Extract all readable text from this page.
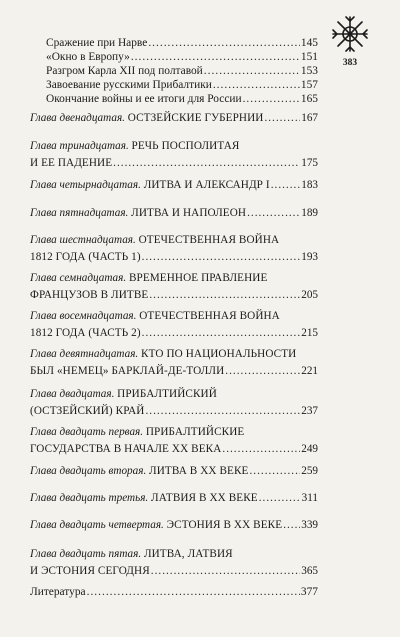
383
Сражение при Нарве .....	145
«Окно в Европу» .....	151
Разгром Карла XII под полтавой .....	153
Завоевание русскими Прибалтики .....	157
Окончание войны и ее итоги для России .....	165
Глава двенадцатая. ОСТЗЕЙСКИЕ ГУБЕРНИИ .....	167
Глава тринадцатая. РЕЧЬ ПОСПОЛИТАЯ
И ЕЕ ПАДЕНИЕ .....	175
Глава четырнадцатая. ЛИТВА И АЛЕКСАНДР I .....	183
Глава пятнадцатая. ЛИТВА И НАПОЛЕОН .....	189
Глава шестнадцатая. ОТЕЧЕСТВЕННАЯ ВОЙНА
1812 ГОДА (ЧАСТЬ 1) .....	193
Глава семнадцатая. ВРЕМЕННОЕ ПРАВЛЕНИЕ
ФРАНЦУЗОВ В ЛИТВЕ .....	205
Глава восемнадцатая. ОТЕЧЕСТВЕННАЯ ВОЙНА
1812 ГОДА (ЧАСТЬ 2) .....	215
Глава девятнадцатая. КТО ПО НАЦИОНАЛЬНОСТИ
БЫЛ «НЕМЕЦ» БАРКЛАЙ-ДЕ-ТОЛЛИ .....	221
Глава двадцатая. ПРИБАЛТИЙСКИЙ
(ОСТЗЕЙСКИЙ) КРАЙ .....	237
Глава двадцать первая. ПРИБАЛТИЙСКИЕ
ГОСУДАРСТВА В НАЧАЛЕ ХХ ВЕКА .....	249
Глава двадцать вторая. ЛИТВА В ХХ ВЕКЕ .....	259
Глава двадцать третья. ЛАТВИЯ В ХХ ВЕКЕ .....	311
Глава двадцать четвертая. ЭСТОНИЯ В ХХ ВЕКЕ ..... 339
Глава двадцать пятая. ЛИТВА, ЛАТВИЯ
И ЭСТОНИЯ СЕГОДНЯ .....	365
Литература .....	377
